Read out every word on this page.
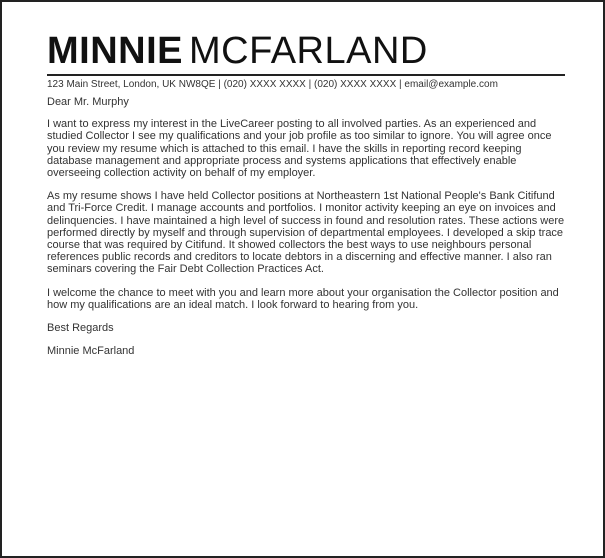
MINNIE MCFARLAND
123 Main Street, London, UK NW8QE | (020) XXXX XXXX | (020) XXXX XXXX | email@example.com

Dear Mr. Murphy

I want to express my interest in the LiveCareer posting to all involved parties. As an experienced and studied Collector I see my qualifications and your job profile as too similar to ignore. You will agree once you review my resume which is attached to this email. I have the skills in reporting record keeping database management and appropriate process and systems applications that effectively enable overseeing collection activity on behalf of my employer.

As my resume shows I have held Collector positions at Northeastern 1st National People's Bank Citifund and Tri-Force Credit. I manage accounts and portfolios. I monitor activity keeping an eye on invoices and delinquencies. I have maintained a high level of success in found and resolution rates. These actions were performed directly by myself and through supervision of departmental employees. I developed a skip trace course that was required by Citifund. It showed collectors the best ways to use neighbours personal references public records and creditors to locate debtors in a discerning and effective manner. I also ran seminars covering the Fair Debt Collection Practices Act.

I welcome the chance to meet with you and learn more about your organisation the Collector position and how my qualifications are an ideal match. I look forward to hearing from you.

Best Regards

Minnie McFarland
